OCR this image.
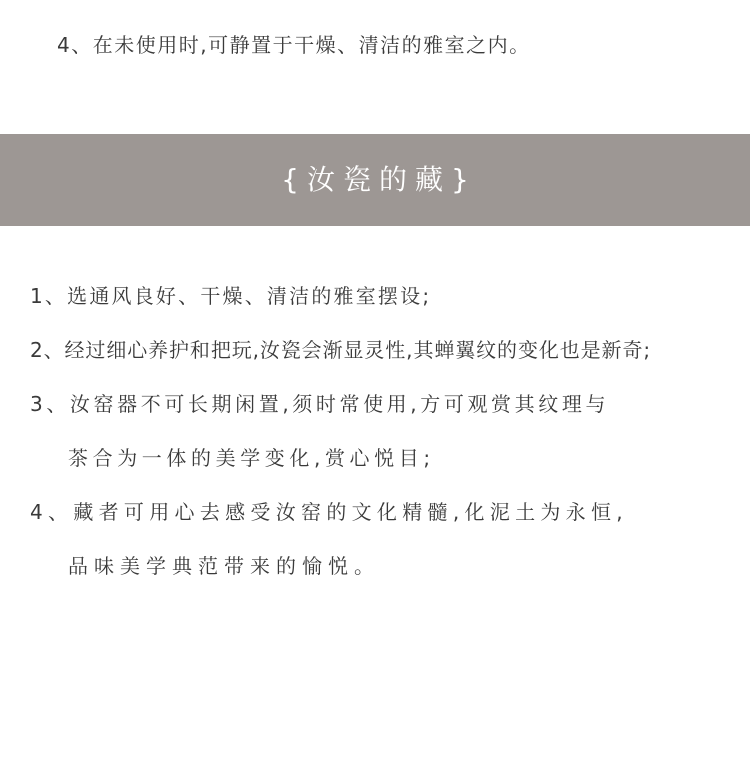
4、在未使用时,可静置于干燥、清洁的雅室之内。
{汝瓷的藏}
1、选通风良好、干燥、清洁的雅室摆设;
2、经过细心养护和把玩,汝瓷会渐显灵性,其蝉翼纹的变化也是新奇;
3、汝窑器不可长期闲置,须时常使用,方可观赏其纹理与
茶合为一体的美学变化,赏心悦目;
4、藏者可用心去感受汝窑的文化精髓,化泥土为永恒,
品味美学典范带来的愉悦。
